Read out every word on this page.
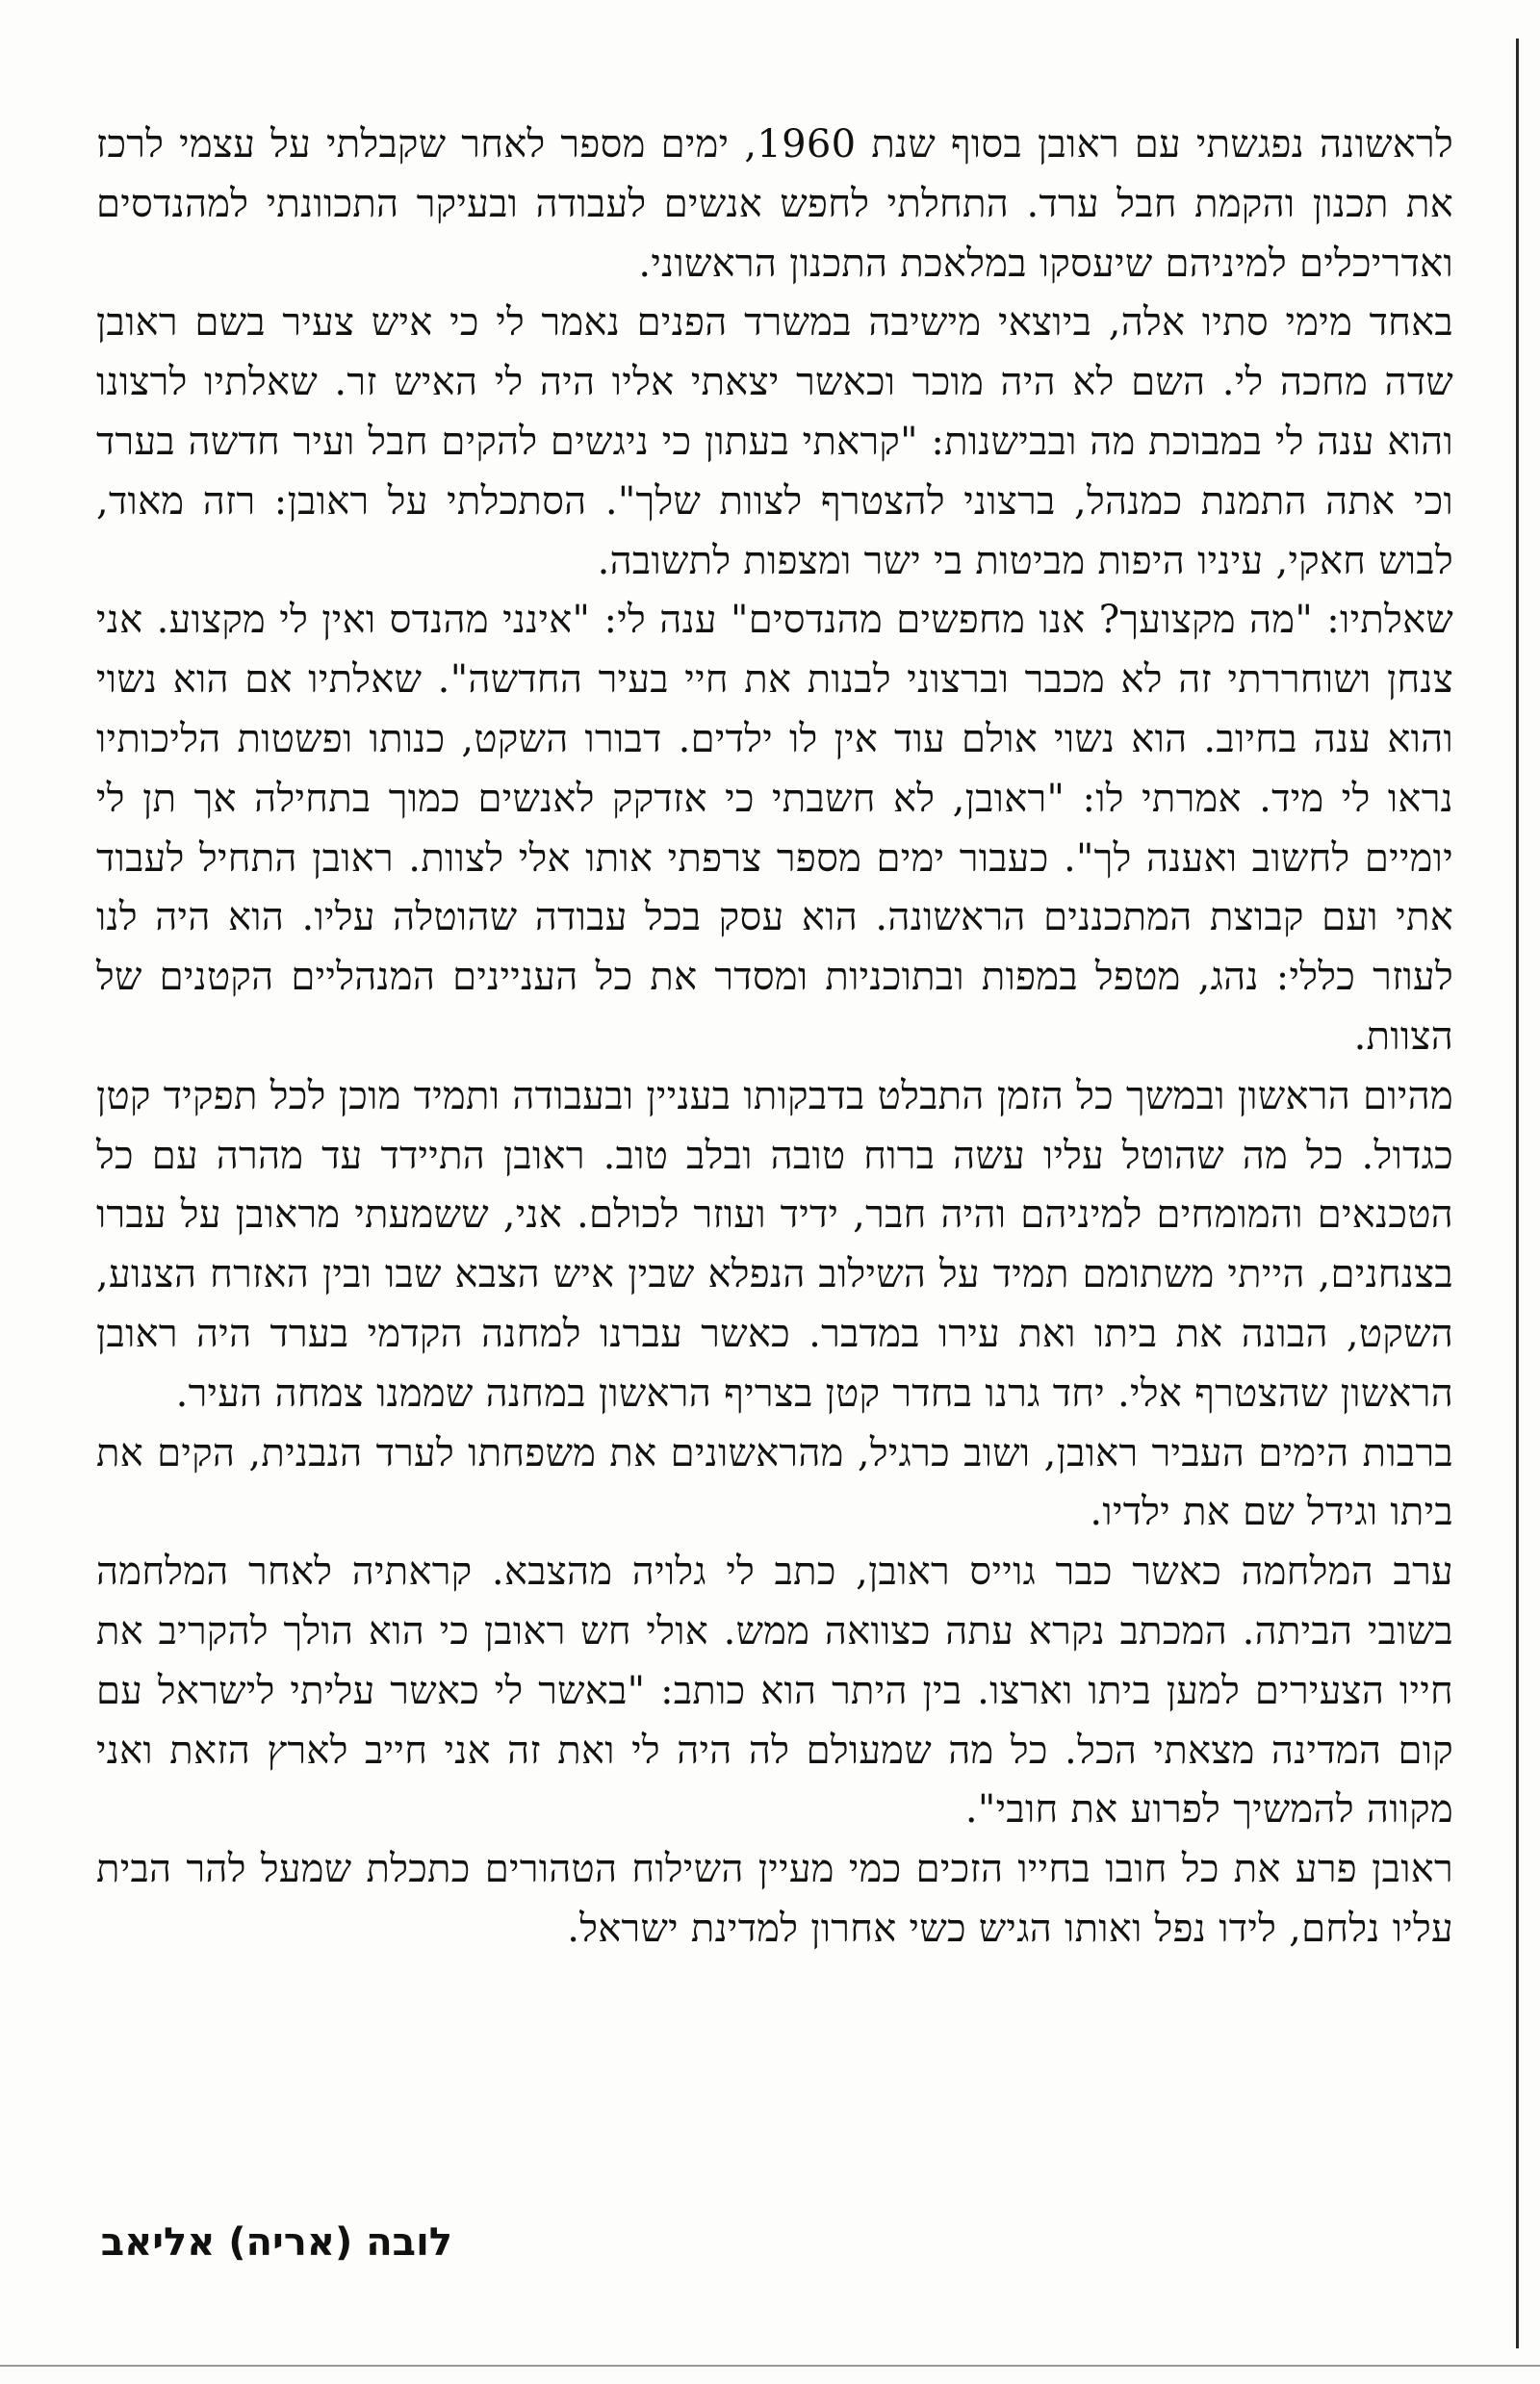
לראשונה נפגשתי עם ראובן בסוף שנת 1960, ימים מספר לאחר שקבלתי על עצמי לרכז את תכנון והקמת חבל ערד. התחלתי לחפש אנשים לעבודה ובעיקר התכוונתי למהנדסים ואדריכלים למיניהם שיעסקו במלאכת התכנון הראשוני.

באחד מימי סתיו אלה, ביוצאי מישיבה במשרד הפנים נאמר לי כי איש צעיר בשם ראובן שדה מחכה לי. השם לא היה מוכר וכאשר יצאתי אליו היה לי האיש זר. שאלתיו לרצונו והוא ענה לי במבוכת מה ובבישנות: "קראתי בעתון כי ניגשים להקים חבל ועיר חדשה בערד וכי אתה התמנת כמנהל, ברצוני להצטרף לצוות שלך". הסתכלתי על ראובן: רזה מאוד, לבוש חאקי, עיניו היפות מביטות בי ישר ומצפות לתשובה.

שאלתיו: "מה מקצועך? אנו מחפשים מהנדסים" ענה לי: "אינני מהנדס ואין לי מקצוע. אני צנחן ושוחררתי זה לא מכבר וברצוני לבנות את חיי בעיר החדשה". שאלתיו אם הוא נשוי והוא ענה בחיוב. הוא נשוי אולם עוד אין לו ילדים. דבורו השקט, כנותו ופשטות הליכותיו נראו לי מיד. אמרתי לו: "ראובן, לא חשבתי כי אזדקק לאנשים כמוך בתחילה אך תן לי יומיים לחשוב ואענה לך". כעבור ימים מספר צרפתי אותו אלי לצוות. ראובן התחיל לעבוד אתי ועם קבוצת המתכננים הראשונה. הוא עסק בכל עבודה שהוטלה עליו. הוא היה לנו לעוזר כללי: נהג, מטפל במפות ובתוכניות ומסדר את כל העניינים המנהליים הקטנים של הצוות.

מהיום הראשון ובמשך כל הזמן התבלט בדבקותו בעניין ובעבודה ותמיד מוכן לכל תפקיד קטן כגדול. כל מה שהוטל עליו עשה ברוח טובה ובלב טוב. ראובן התיידד עד מהרה עם כל הטכנאים והמומחים למיניהם והיה חבר, ידיד ועוזר לכולם. אני, ששמעתי מראובן על עברו בצנחנים, הייתי משתומם תמיד על השילוב הנפלא שבין איש הצבא שבו ובין האזרח הצנוע, השקט, הבונה את ביתו ואת עירו במדבר. כאשר עברנו למחנה הקדמי בערד היה ראובן הראשון שהצטרף אלי. יחד גרנו בחדר קטן בצריף הראשון במחנה שממנו צמחה העיר.

ברבות הימים העביר ראובן, ושוב כרגיל, מהראשונים את משפחתו לערד הנבנית, הקים את ביתו וגידל שם את ילדיו.

ערב המלחמה כאשר כבר גוייס ראובן, כתב לי גלויה מהצבא. קראתיה לאחר המלחמה בשובי הביתה. המכתב נקרא עתה כצוואה ממש. אולי חש ראובן כי הוא הולך להקריב את חייו הצעירים למען ביתו וארצו. בין היתר הוא כותב: "באשר לי כאשר עליתי לישראל עם קום המדינה מצאתי הכל. כל מה שמעולם לה היה לי ואת זה אני חייב לארץ הזאת ואני מקווה להמשיך לפרוע את חובי".

ראובן פרע את כל חובו בחייו הזכים כמי מעיין השילוח הטהורים כתכלת שמעל להר הבית עליו נלחם, לידו נפל ואותו הגיש כשי אחרון למדינת ישראל.

לובה (אריה) אליאב
